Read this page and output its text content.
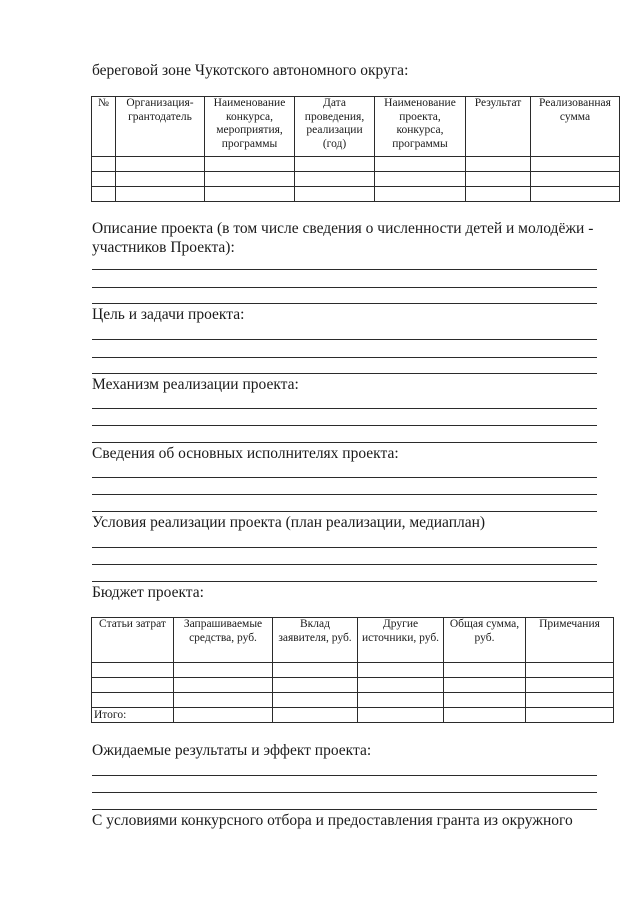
береговой зоне Чукотского автономного округа:
№	Организация-грантодатель	Наименование конкурса, мероприятия, программы	Дата проведения, реализации (год)	Наименование проекта, конкурса, программы	Результат	Реализованная сумма

Описание проекта (в том числе сведения о численности детей и молодёжи - участников Проекта):
Цель и задачи проекта:
Механизм реализации проекта:
Сведения об основных исполнителях проекта:
Условия реализации проекта (план реализации, медиаплан)
Бюджет проекта:
Статьи затрат	Запрашиваемые средства, руб.	Вклад заявителя, руб.	Другие источники, руб.	Общая сумма, руб.	Примечания

Итого:					
Ожидаемые результаты и эффект проекта:
С условиями конкурсного отбора и предоставления гранта из окружного
